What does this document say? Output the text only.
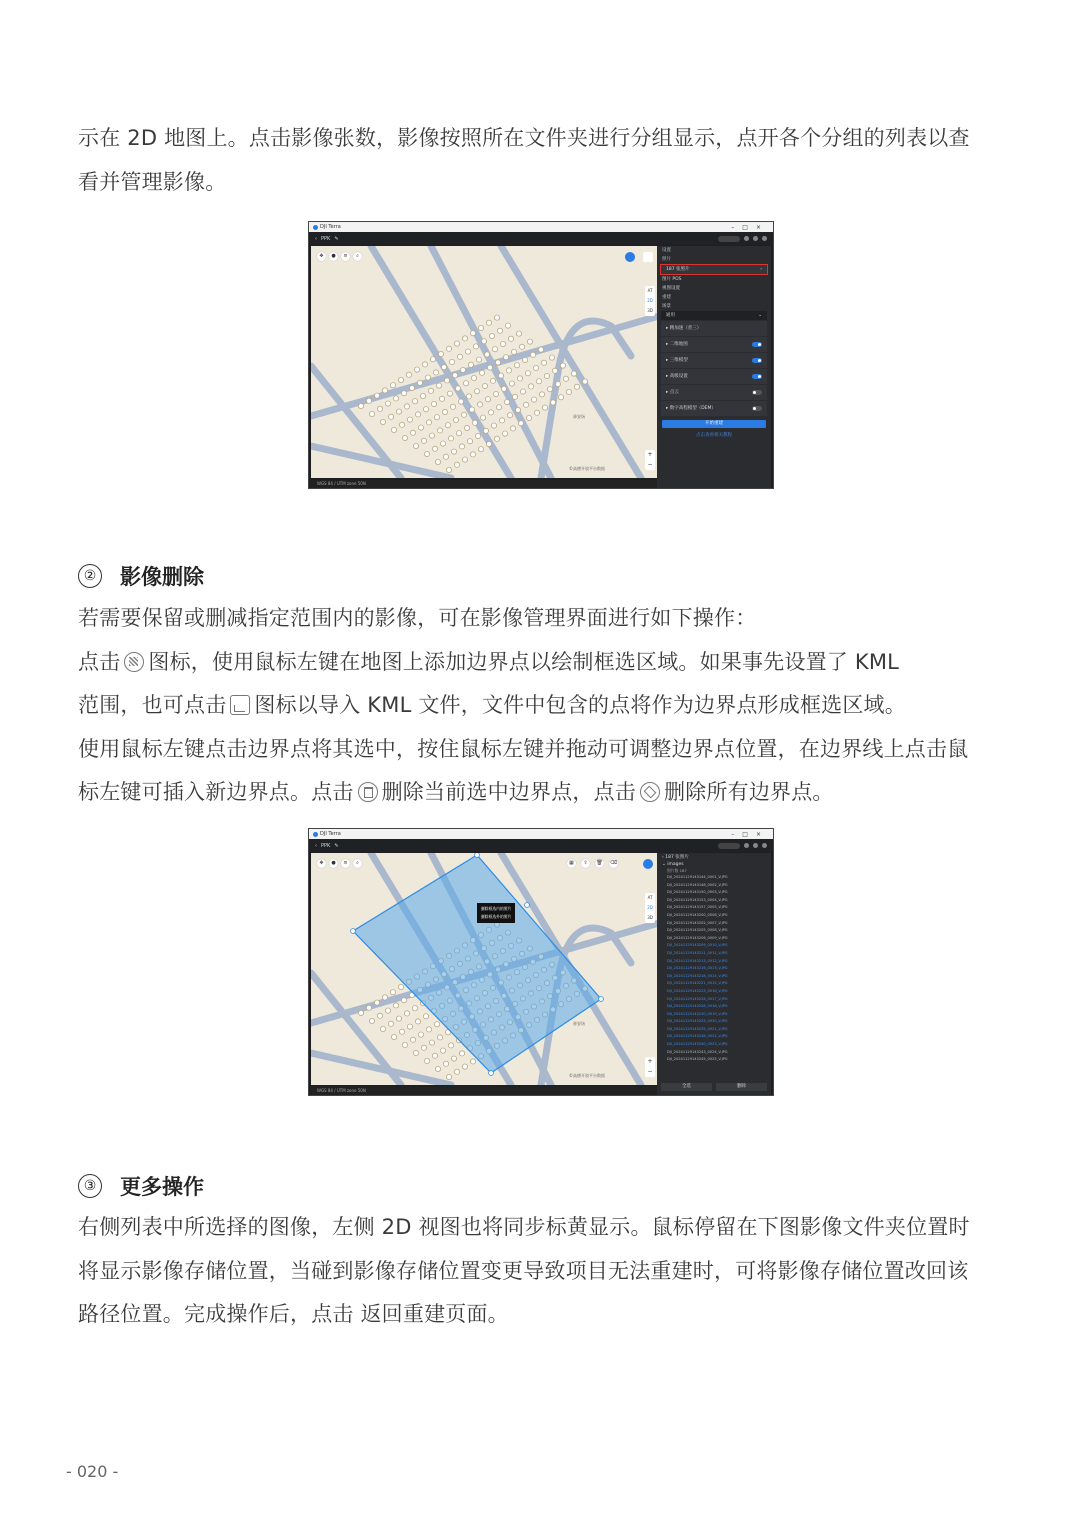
示在 2D 地图上。点击影像张数，影像按照所在文件夹进行分组显示，点开各个分组的列表以查

看并管理影像。

DJI Terra	–□×
‹ PPK ✎
✥	●	≡	⌕
AT
2D
3D
+
−
驿安场
©高德开放平台数据
WGS 84 / UTM zone 50N
设置
照片
187 张照片	›
图片 POS
视图设置
重建
场景
通用	⌄
▸ 精加速（普三）
▸ 二维地图
▸ 三维模型
▸ 高级设置
▸ 点云
▸ 数字高程模型（DEM）
开始重建
点击查看相关教程
② 影像删除

若需要保留或删减指定范围内的影像，可在影像管理界面进行如下操作：

点击 图标，使用鼠标左键在地图上添加边界点以绘制框选区域。如果事先设置了 KML

范围，也可点击 图标以导入 KML 文件，文件中包含的点将作为边界点形成框选区域。

使用鼠标左键点击边界点将其选中，按住鼠标左键并拖动可调整边界点位置，在边界线上点击鼠

标左键可插入新边界点。点击 删除当前选中边界点，点击 删除所有边界点。

DJI Terra	–□×
‹ PPK ✎
✥	●	≡	⌕	▦	⇪	🗑 ⌫
AT
2D
3D
+
−
删除框选内的照片
删除框选外的照片
驿安场
©高德开放平台数据
WGS 84 / UTM zone 50N
‹ 187 张照片
⌄ images
照片数 187
DJI_20241129143144_0001_V.JPG
DJI_20241129143148_0002_V.JPG
DJI_20241129143150_0003_V.JPG
DJI_20241129143153_0004_V.JPG
DJI_20241129143157_0005_V.JPG
DJI_20241129143200_0006_V.JPG
DJI_20241129143202_0007_V.JPG
DJI_20241129143205_0008_V.JPG
DJI_20241129143206_0009_V.JPG
DJI_20241129143209_0010_V.JPG
DJI_20241129143211_0011_V.JPG
DJI_20241129143213_0012_V.JPG
DJI_20241129143216_0013_V.JPG
DJI_20241129143218_0014_V.JPG
DJI_20241129143221_0015_V.JPG
DJI_20241129143223_0016_V.JPG
DJI_20241129143226_0017_V.JPG
DJI_20241129143228_0018_V.JPG
DJI_20241129143230_0019_V.JPG
DJI_20241129143233_0020_V.JPG
DJI_20241129143235_0021_V.JPG
DJI_20241129143238_0022_V.JPG
DJI_20241129143240_0023_V.JPG
DJI_20241129143243_0024_V.JPG
DJI_20241129143245_0025_V.JPG
全选	删除
③ 更多操作

右侧列表中所选择的图像，左侧 2D 视图也将同步标黄显示。鼠标停留在下图影像文件夹位置时

将显示影像存储位置，当碰到影像存储位置变更导致项目无法重建时，可将影像存储位置改回该

路径位置。完成操作后，点击 返回重建页面。

- 020 -
